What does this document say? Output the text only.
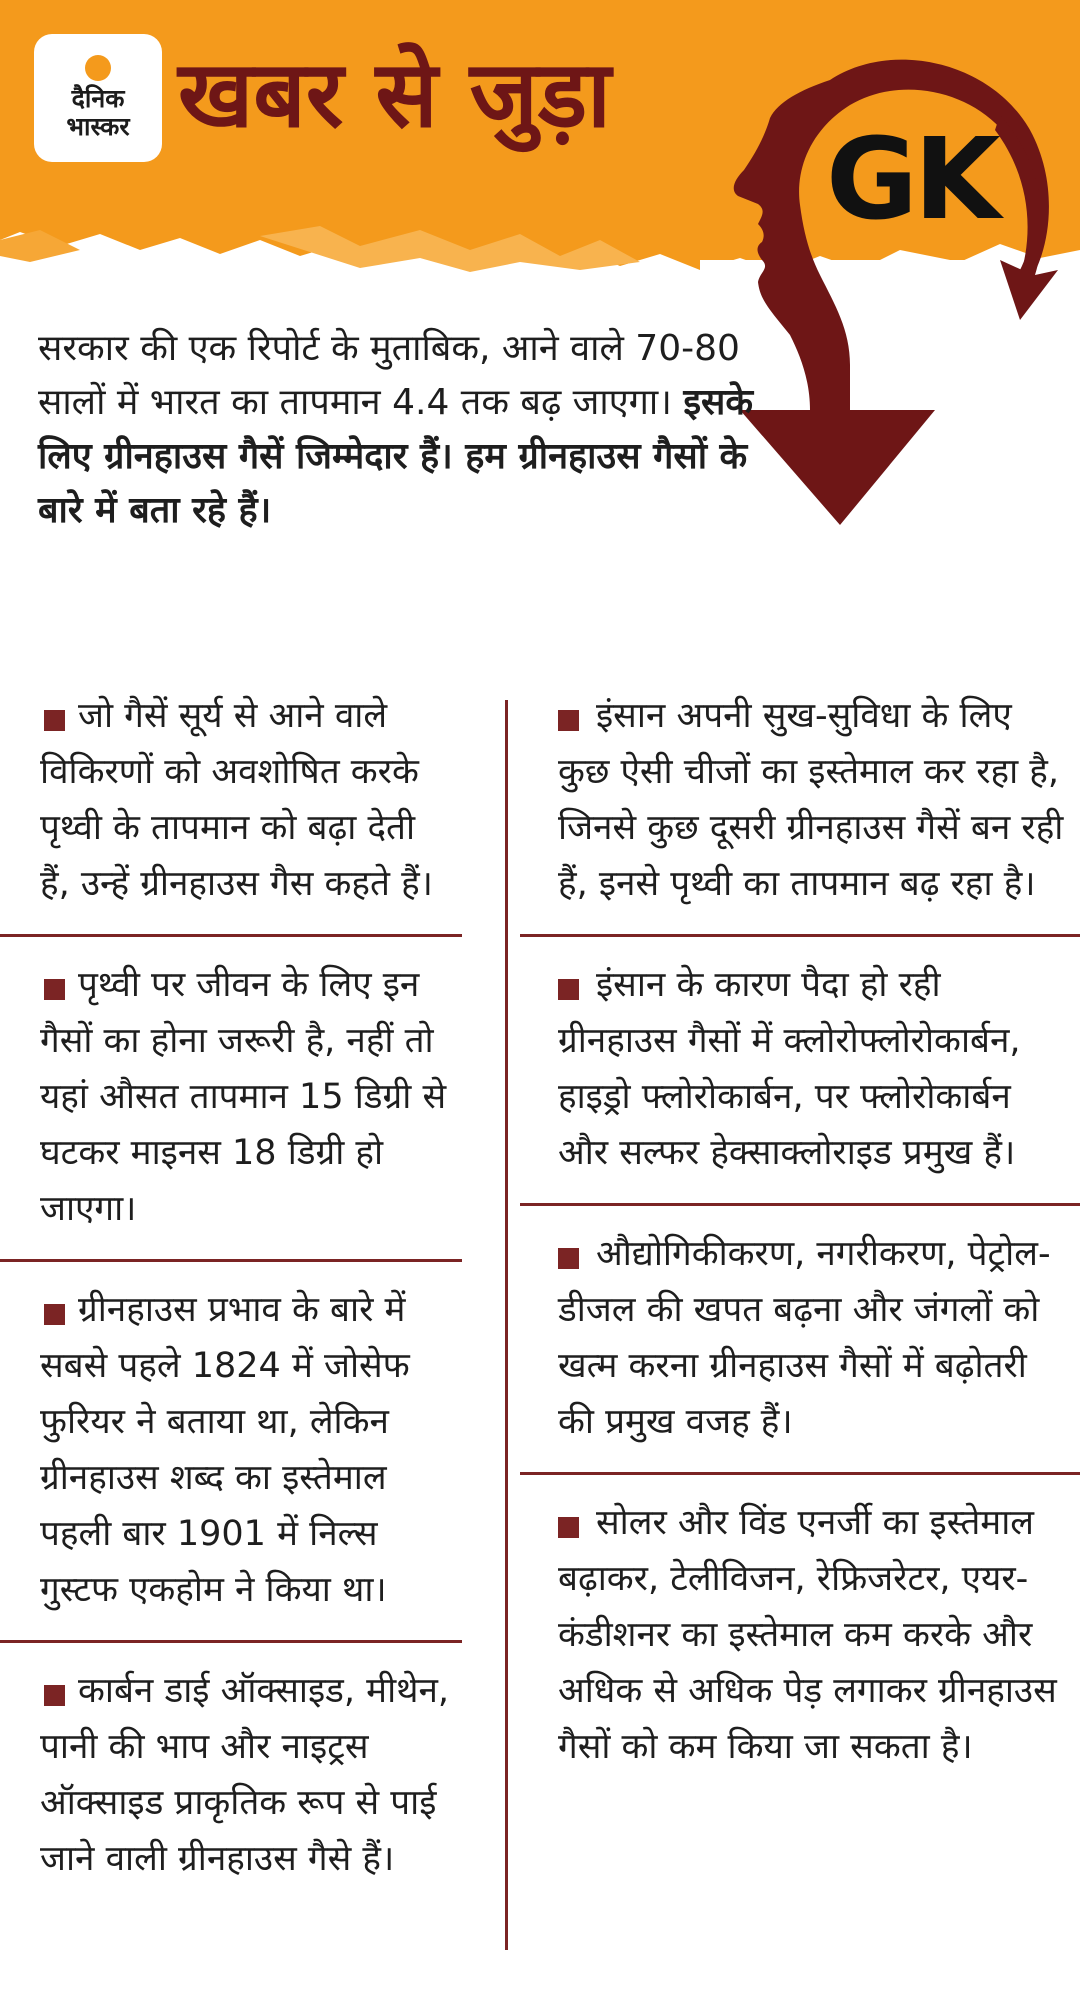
दैनिक
भास्कर खबर से जुड़ा
GK
सरकार की एक रिपोर्ट के मुताबिक, आने वाले 70-80 सालों में भारत का तापमान 4.4 तक बढ़ जाएगा। इसके लिए ग्रीनहाउस गैसें जिम्मेदार हैं। हम ग्रीनहाउस गैसों के बारे में बता रहे हैं।
जो गैसें सूर्य से आने वाले विकिरणों को अवशोषित करके पृथ्वी के तापमान को बढ़ा देती हैं, उन्हें ग्रीनहाउस गैस कहते हैं।
पृथ्वी पर जीवन के लिए इन गैसों का होना जरूरी है, नहीं तो यहां औसत तापमान 15 डिग्री से घटकर माइनस 18 डिग्री हो जाएगा।
ग्रीनहाउस प्रभाव के बारे में सबसे पहले 1824 में जोसेफ फुरियर ने बताया था, लेकिन ग्रीनहाउस शब्द का इस्तेमाल पहली बार 1901 में निल्स गुस्टफ एकहोम ने किया था।
कार्बन डाई ऑक्साइड, मीथेन, पानी की भाप और नाइट्रस ऑक्साइड प्राकृतिक रूप से पाई जाने वाली ग्रीनहाउस गैसे हैं।
इंसान अपनी सुख-सुविधा के लिए कुछ ऐसी चीजों का इस्तेमाल कर रहा है, जिनसे कुछ दूसरी ग्रीनहाउस गैसें बन रही हैं, इनसे पृथ्वी का तापमान बढ़ रहा है।
इंसान के कारण पैदा हो रही ग्रीनहाउस गैसों में क्लोरोफ्लोरोकार्बन, हाइड्रो फ्लोरोकार्बन, पर फ्लोरोकार्बन और सल्फर हेक्साक्लोराइड प्रमुख हैं।
औद्योगिकीकरण, नगरीकरण, पेट्रोल-डीजल की खपत बढ़ना और जंगलों को खत्म करना ग्रीनहाउस गैसों में बढ़ोतरी की प्रमुख वजह हैं।
सोलर और विंड एनर्जी का इस्तेमाल बढ़ाकर, टेलीविजन, रेफ्रिजरेटर, एयर-कंडीशनर का इस्तेमाल कम करके और अधिक से अधिक पेड़ लगाकर ग्रीनहाउस गैसों को कम किया जा सकता है।
